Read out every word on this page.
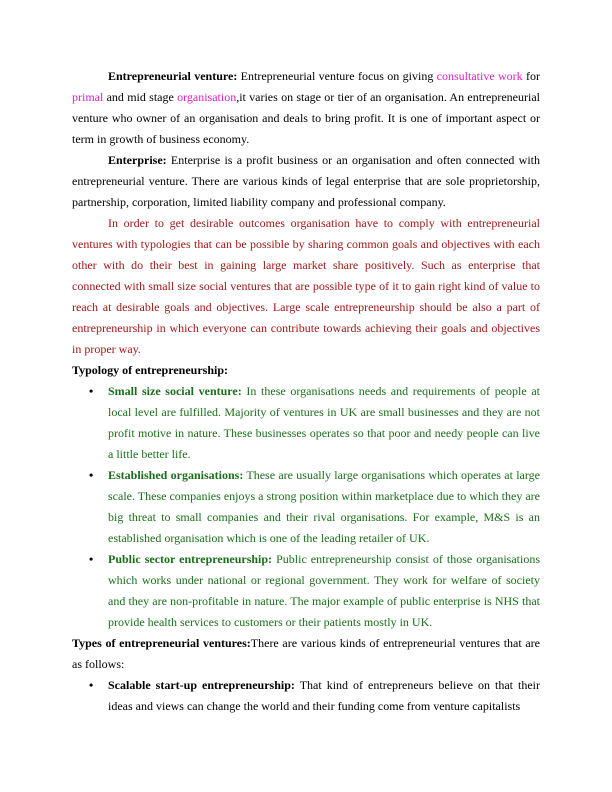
Entrepreneurial venture: Entrepreneurial venture focus on giving consultative work for primal and mid stage organisation,it varies on stage or tier of an organisation. An entrepreneurial venture who owner of an organisation and deals to bring profit. It is one of important aspect or term in growth of business economy.

Enterprise: Enterprise is a profit business or an organisation and often connected with entrepreneurial venture. There are various kinds of legal enterprise that are sole proprietorship, partnership, corporation, limited liability company and professional company.

In order to get desirable outcomes organisation have to comply with entrepreneurial ventures with typologies that can be possible by sharing common goals and objectives with each other with do their best in gaining large market share positively. Such as enterprise that connected with small size social ventures that are possible type of it to gain right kind of value to reach at desirable goals and objectives. Large scale entrepreneurship should be also a part of entrepreneurship in which everyone can contribute towards achieving their goals and objectives in proper way.

Typology of entrepreneurship:

• Small size social venture: In these organisations needs and requirements of people at local level are fulfilled. Majority of ventures in UK are small businesses and they are not profit motive in nature. These businesses operates so that poor and needy people can live a little better life.
• Established organisations: These are usually large organisations which operates at large scale. These companies enjoys a strong position within marketplace due to which they are big threat to small companies and their rival organisations. For example, M&S is an established organisation which is one of the leading retailer of UK.
• Public sector entrepreneurship: Public entrepreneurship consist of those organisations which works under national or regional government. They work for welfare of society and they are non-profitable in nature. The major example of public enterprise is NHS that provide health services to customers or their patients mostly in UK.

Types of entrepreneurial ventures:There are various kinds of entrepreneurial ventures that are as follows:

• Scalable start-up entrepreneurship: That kind of entrepreneurs believe on that their ideas and views can change the world and their funding come from venture capitalists
